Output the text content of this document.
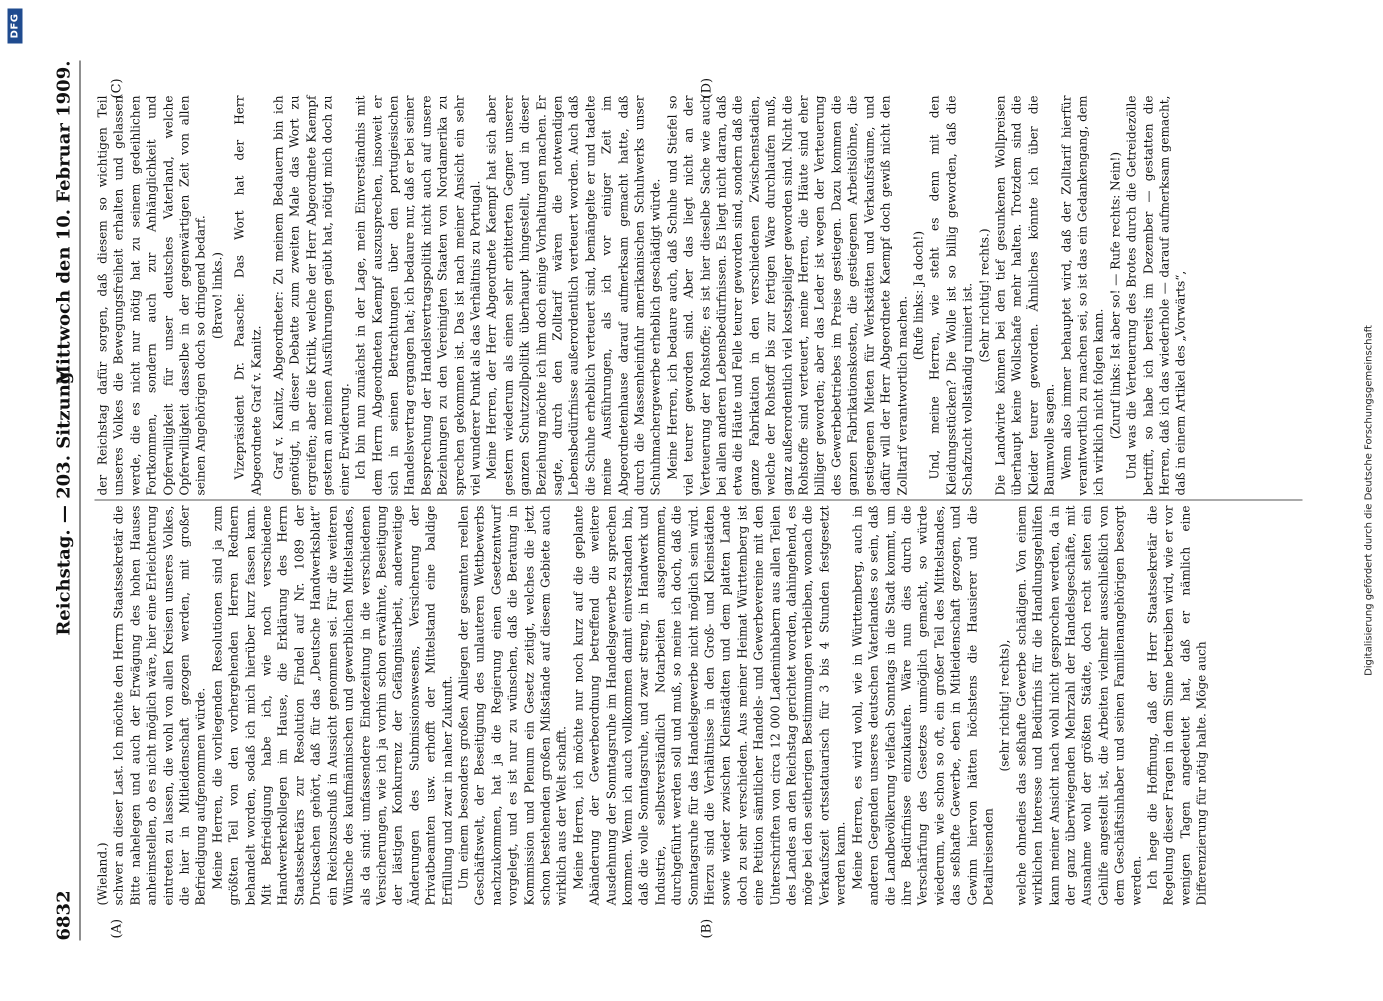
DFG
6832
Reichstag. — 203. Sitzung.
Mittwoch den 10. Februar 1909.
(A)	(B)
(C)	(D)

(Wieland.) schwer an dieser Last. Ich möchte den Herrn Staatssekretär die Bitte nahelegen und auch der Erwägung des hohen Hauses anheimstellen, ob es nicht möglich wäre, hier eine Erleichterung eintreten zu lassen, die wohl von allen Kreisen unseres Volkes, die hier in Mitleidenschaft gezogen werden, mit großer Befriedigung aufgenommen würde. Meine Herren, die vorliegenden Resolutionen sind ja zum größten Teil von den vorhergehenden Herren Rednern behandelt worden, sodaß ich mich hierüber kurz fassen kann. Mit Befriedigung habe ich, wie noch verschiedene Handwerkerkollegen im Hause, die Erklärung des Herrn Staatssekretärs zur Resolution Findel auf Nr. 1089 der Drucksachen gehört, daß für das „Deutsche Handwerksblatt“ ein Reichszuschuß in Aussicht genommen sei. Für die weiteren Wünsche des kaufmännischen und gewerblichen Mittelstandes, als da sind: umfassendere Eindezeitung in die verschiedenen Versicherungen, wie ich ja vorhin schon erwähnte, Beseitigung der lästigen Konkurrenz der Gefängnisarbeit, anderweitige Änderungen des Submissionswesens, Versicherung der Privatbeamten usw. erhofft der Mittelstand eine baldige Erfüllung und zwar in naher Zukunft. Um einem besonders großen Anliegen der gesamten reellen Geschäftswelt, der Beseitigung des unlauteren Wettbewerbs nachzukommen, hat ja die Regierung einen Gesetzentwurf vorgelegt, und es ist nur zu wünschen, daß die Beratung in Kommission und Plenum ein Gesetz zeitigt, welches die jetzt schon bestehenden großen Mißstände auf diesem Gebiete auch wirklich aus der Welt schafft. Meine Herren, ich möchte nur noch kurz auf die geplante Abänderung der Gewerbeordnung betreffend die weitere Ausdehnung der Sonntagsruhe im Handelsgewerbe zu sprechen kommen. Wenn ich auch vollkommen damit einverstanden bin, daß die volle Sonntagsruhe, und zwar streng, in Handwerk und Industrie, selbstverständlich Notarbeiten ausgenommen, durchgeführt werden soll und muß, so meine ich doch, daß die Sonntagsruhe für das Handelsgewerbe nicht möglich sein wird. Hierzu sind die Verhältnisse in den Groß- und Kleinstädten sowie wieder zwischen Kleinstädten und dem platten Lande doch zu sehr verschieden. Aus meiner Heimat Württemberg ist eine Petition sämtlicher Handels- und Gewerbevereine mit den Unterschriften von circa 12 000 Ladeninhabern aus allen Teilen des Landes an den Reichstag gerichtet worden, dahingehend, es möge bei den seitherigen Bestimmungen verbleiben, wonach die Verkaufszeit ortsstatuarisch für 3 bis 4 Stunden festgesetzt werden kann. Meine Herren, es wird wohl, wie in Württemberg, auch in anderen Gegenden unseres deutschen Vaterlandes so sein, daß die Landbevölkerung vielfach Sonntags in die Stadt kommt, um ihre Bedürfnisse einzukaufen. Wäre nun dies durch die Verschärfung des Gesetzes unmöglich gemacht, so würde wiederum, wie schon so oft, ein großer Teil des Mittelstandes, das seßhafte Gewerbe, eben in Mitleidenschaft gezogen, und Gewinn hiervon hätten höchstens die Hausierer und die Detailreisenden

(sehr richtig! rechts), welche ohnedies das seßhafte Gewerbe schädigen. Von einem wirklichen Interesse und Bedürfnis für die Handlungsgehilfen kann meiner Ansicht nach wohl nicht gesprochen werden, da in der ganz überwiegenden Mehrzahl der Handelsgeschäfte, mit Ausnahme wohl der größten Städte, doch recht selten ein Gehilfe angestellt ist, die Arbeiten vielmehr ausschließlich von dem Geschäftsinhaber und seinen Familienangehörigen besorgt werden. Ich hege die Hoffnung, daß der Herr Staatssekretär die Regelung dieser Fragen in dem Sinne betreiben wird, wie er vor wenigen Tagen angedeutet hat, daß er nämlich eine Differenzierung für nötig halte. Möge auch

der Reichstag dafür sorgen, daß diesem so wichtigen Teil unseres Volkes die Bewegungsfreiheit erhalten und gelassen werde, die es nicht nur nötig hat zu seinem gedeihlichen Fortkommen, sondern auch zur Anhänglichkeit und Opferwilligkeit für unser deutsches Vaterland, welche Opferwilligkeit dasselbe in der gegenwärtigen Zeit von allen seinen Angehörigen doch so dringend bedarf. (Bravo! links.) Vizepräsident Dr. Paasche: Das Wort hat der Herr Abgeordnete Graf v. Kanitz. Graf v. Kanitz, Abgeordneter: Zu meinem Bedauern bin ich genötigt, in dieser Debatte zum zweiten Male das Wort zu ergreifen; aber die Kritik, welche der Herr Abgeordnete Kaempf gestern an meinen Ausführungen geübt hat, nötigt mich doch zu einer Erwiderung. Ich bin nun zunächst in der Lage, mein Einverständnis mit dem Herrn Abgeordneten Kaempf auszusprechen, insoweit er sich in seinen Betrachtungen über den portugiesischen Handelsvertrag ergangen hat; ich bedaure nur, daß er bei seiner Besprechung der Handelsvertragspolitik nicht auch auf unsere Beziehungen zu den Vereinigten Staaten von Nordamerika zu sprechen gekommen ist. Das ist nach meiner Ansicht ein sehr viel wunderer Punkt als das Verhältnis zu Portugal. Meine Herren, der Herr Abgeordnete Kaempf hat sich aber gestern wiederum als einen sehr erbitterten Gegner unserer ganzen Schutzzollpolitik überhaupt hingestellt, und in dieser Beziehung möchte ich ihm doch einige Vorhaltungen machen. Er sagte, durch den Zolltarif wären die notwendigen Lebensbedürfnisse außerordentlich verteuert worden. Auch daß die Schuhe erheblich verteuert sind, bemängelte er und tadelte meine Ausführungen, als ich vor einiger Zeit im Abgeordnetenhause darauf aufmerksam gemacht hatte, daß durch die Massenheinfuhr amerikanischen Schuhwerks unser Schuhmachergewerbe erheblich geschädigt würde. Meine Herren, ich bedaure auch, daß Schuhe und Stiefel so viel teurer geworden sind. Aber das liegt nicht an der Verteuerung der Rohstoffe; es ist hier dieselbe Sache wie auch bei allen anderen Lebensbedürfnissen. Es liegt nicht daran, daß etwa die Häute und Felle teurer geworden sind, sondern daß die ganze Fabrikation in den verschiedenen Zwischenstadien, welche der Rohstoff bis zur fertigen Ware durchlaufen muß, ganz außerordentlich viel kostspieliger geworden sind. Nicht die Rohstoffe sind verteuert, meine Herren, die Häute sind eher billiger geworden; aber das Leder ist wegen der Verteuerung des Gewerbebetriebes im Preise gestiegen. Dazu kommen die ganzen Fabrikationskosten, die gestiegenen Arbeitslöhne, die gestiegenen Mieten für Werkstätten und Verkaufsräume, und dafür will der Herr Abgeordnete Kaempf doch gewiß nicht den Zolltarif verantwortlich machen.

(Rufe links: Ja doch!) Und, meine Herren, wie steht es denn mit den Kleidungsstücken? Die Wolle ist so billig geworden, daß die Schafzucht vollständig ruiniert ist. (Sehr richtig! rechts.) Die Landwirte können bei den tief gesunkenen Wollpreisen überhaupt keine Wollschafe mehr halten. Trotzdem sind die Kleider teurer geworden. Ähnliches könnte ich über die Baumwolle sagen. Wenn also immer behauptet wird, daß der Zolltarif hierfür verantwortlich zu machen sei, so ist das ein Gedankengang, dem ich wirklich nicht folgen kann. (Zuruf links: Ist aber so! — Rufe rechts: Nein!) Und was die Verteuerung des Brotes durch die Getreidezölle betrifft, so habe ich bereits im Dezember — gestatten die Herren, daß ich das wiederhole — darauf aufmerksam gemacht, daß in einem Artikel des „Vorwärts“,	Digitalisierung gefördert durch die Deutsche Forschungsgemeinschaft
